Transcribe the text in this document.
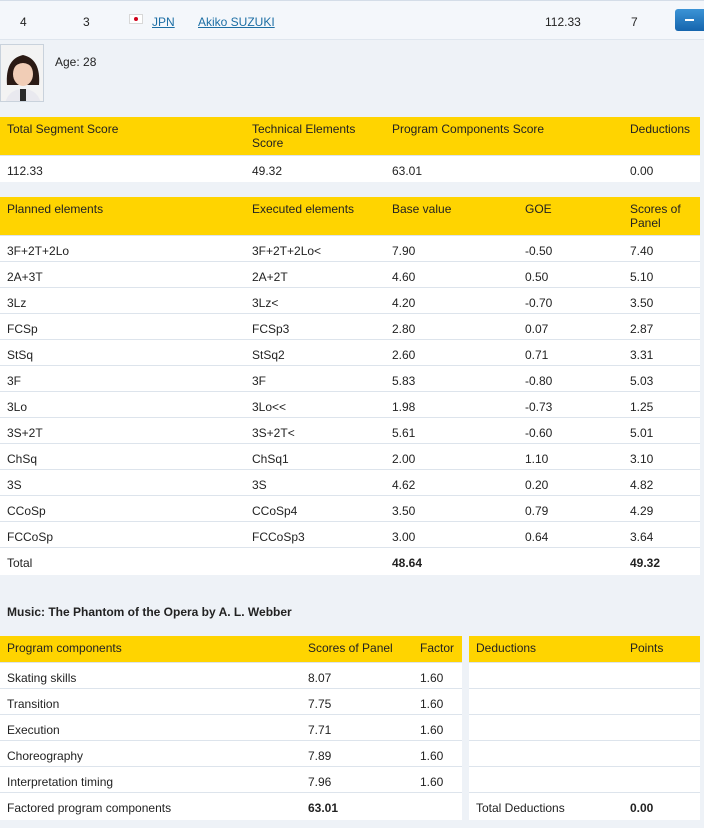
4	3	JPN Akiko SUZUKI	112.33	7
Age: 28
Total Segment Score	Technical Elements Score	Program Components Score	Deductions
112.33	49.32	63.01	0.00
Planned elements	Executed elements	Base value	GOE	Scores of Panel
3F+2T+2Lo	3F+2T+2Lo<	7.90	-0.50	7.40
2A+3T	2A+2T	4.60	0.50	5.10
3Lz	3Lz<	4.20	-0.70	3.50
FCSp	FCSp3	2.80	0.07	2.87
StSq	StSq2	2.60	0.71	3.31
3F	3F	5.83	-0.80	5.03
3Lo	3Lo<<	1.98	-0.73	1.25
3S+2T	3S+2T<	5.61	-0.60	5.01
ChSq	ChSq1	2.00	1.10	3.10
3S	3S	4.62	0.20	4.82
CCoSp	CCoSp4	3.50	0.79	4.29
FCCoSp	FCCoSp3	3.00	0.64	3.64
Total		48.64		49.32
Music: The Phantom of the Opera by A. L. Webber
Program components	Scores of Panel	Factor
Skating skills	8.07	1.60
Transition	7.75	1.60
Execution	7.71	1.60
Choreography	7.89	1.60
Interpretation timing	7.96	1.60
Factored program components	63.01	
Deductions	Points

Total Deductions	0.00
